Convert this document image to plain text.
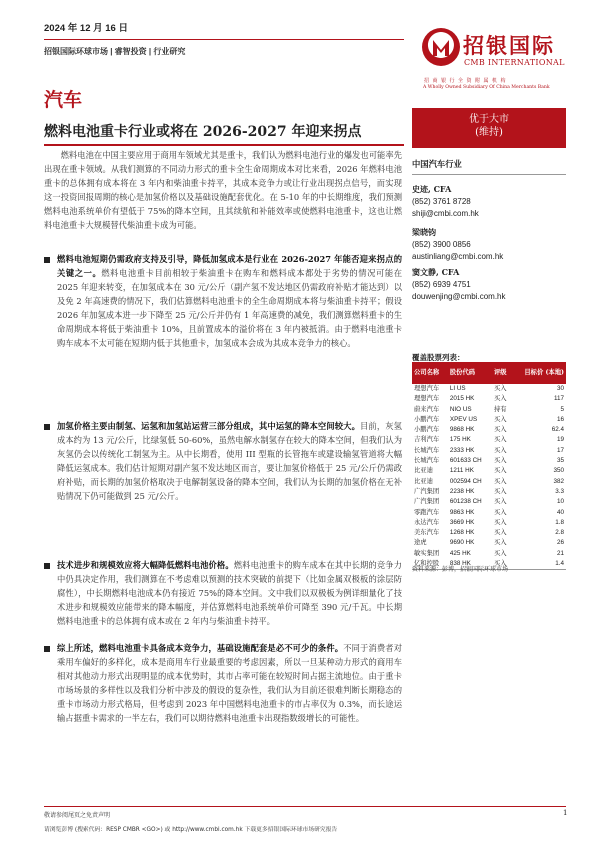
2024 年 12 月 16 日
招银国际环球市场 | 睿智投资 | 行业研究	招银国际
CMB INTERNATIONAL
招商银行全资附属机构
A Wholly Owned Subsidiary Of China Merchants Bank
汽车
燃料电池重卡行业或将在 2026-2027 年迎来拐点
优于大市
(维持)
燃料电池在中国主要应用于商用车领域尤其是重卡，我们认为燃料电池行业的爆发也可能率先出现在重卡领域。从我们测算的不同动力形式的重卡全生命周期成本对比来看，2026 年燃料电池重卡的总体拥有成本将在 3 年内和柴油重卡持平，其成本竞争力或让行业出现拐点信号，而实现这一投资回报周期的核心是加氢价格以及基础设施配套优化。在 5-10 年的中长期维度，我们预测燃料电池系统单价有望低于 75%的降本空间，且其续航和补能效率或使燃料电池重卡，这也让燃料电池重卡大规模替代柴油重卡成为可能。
燃料电池短期仍需政府支持及引导，降低加氢成本是行业在 2026-2027 年能否迎来拐点的关键之一。燃料电池重卡目前相较于柴油重卡在购车和燃料成本都处于劣势的情况可能在 2025 年迎来转变，在加氢成本在 30 元/公斤（副产氢不发达地区仍需政府补贴才能达到）以及免 2 年高速费的情况下，我们估算燃料电池重卡的全生命周期成本将与柴油重卡持平；假设 2026 年加氢成本进一步下降至 25 元/公斤并仍有 1 年高速费的减免，我们测算燃料重卡的生命周期成本将低于柴油重卡 10%，且前置成本的溢价将在 3 年内被抵消。由于燃料电池重卡购车成本不太可能在短期内低于其他重卡，加氢成本会成为其成本竞争力的核心。
加氢价格主要由制氢、运氢和加氢站运营三部分组成，其中运氢的降本空间较大。目前，灰氢成本约为 13 元/公斤，比绿氢低 50-60%，虽然电解水制氢存在较大的降本空间，但我们认为灰氢仍会以传统化工制氢为主。从中长期看，使用 III 型瓶的长管拖车或建设输氢管道将大幅降低运氢成本。我们估计短期对副产氢不发达地区而言，要让加氢价格低于 25 元/公斤仍需政府补贴，而长期的加氢价格取决于电解制氢设备的降本空间，我们认为长期的加氢价格在无补贴情况下仍可能做到 25 元/公斤。
技术进步和规模效应将大幅降低燃料电池价格。燃料电池重卡的购车成本在其中长期的竞争力中仍具决定作用，我们测算在不考虑难以预测的技术突破的前提下（比如金属双极板的涂层防腐性），中长期燃料电池成本仍有接近 75%的降本空间。文中我们以双极板为例详细量化了技术进步和规模效应能带来的降本幅度，并估算燃料电池系统单价可降至 390 元/千瓦。中长期燃料电池重卡的总体拥有成本或在 2 年内与柴油重卡持平。
综上所述，燃料电池重卡具备成本竞争力，基础设施配套是必不可少的条件。不同于消费者对乘用车偏好的多样化，成本是商用车行业最重要的考虑因素，所以一旦某种动力形式的商用车相对其他动力形式出现明显的成本优势时，其市占率可能在较短时间占据主流地位。由于重卡市场场景的多样性以及我们分析中涉及的假设的复杂性，我们认为目前还很难判断长期稳态的重卡市场动力形式格局，但考虑到 2023 年中国燃料电池重卡的市占率仅为 0.3%，而长途运输占据重卡需求的一半左右，我们可以期待燃料电池重卡出现指数级增长的可能性。
中国汽车行业
史迹, CFA
(852) 3761 8728
shiji@cmbi.com.hk
梁晓钧
(852) 3900 0856
austinliang@cmbi.com.hk
窦文静, CFA
(852) 6939 4751
douwenjing@cmbi.com.hk
覆盖股票列表：
公司名称	股份代码	评级	目标价 (本地)
理想汽车	LI US	买入	30
理想汽车	2015 HK	买入	117
蔚来汽车	NIO US	持有	5
小鹏汽车	XPEV US	买入	16
小鹏汽车	9868 HK	买入	62.4
吉利汽车	175 HK	买入	19
长城汽车	2333 HK	买入	17
长城汽车	601633 CH	买入	35
比亚迪	1211 HK	买入	350
比亚迪	002594 CH	买入	382
广汽集团	2238 HK	买入	3.3
广汽集团	601238 CH	买入	10
零跑汽车	9863 HK	买入	40
永达汽车	3669 HK	买入	1.8
美东汽车	1268 HK	买入	2.8
途虎	9690 HK	买入	26
敏实集团	425 HK	买入	21
亿和控股	838 HK	买入	1.4
资料来源：彭博，招银国际环球市场
敬请参阅尾页之免责声明	1
请浏览彭博 (搜索代码：RESP CMBR <GO>) 或 http://www.cmbi.com.hk 下载更多招银国际环球市场研究报告
